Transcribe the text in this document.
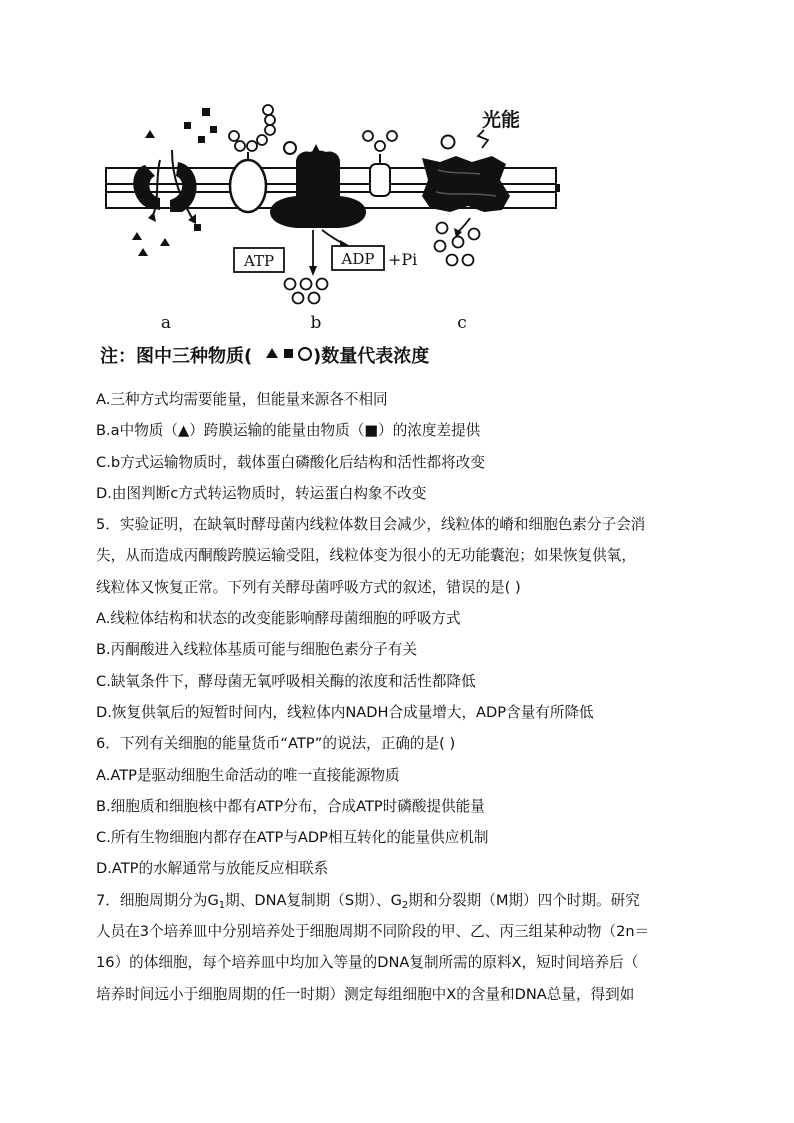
ATP	ADP +Pi
光能
a	b	c
注：图中三种物质(	)数量代表浓度
A.三种方式均需要能量，但能量来源各不相同
B.a中物质（▲）跨膜运输的能量由物质（■）的浓度差提供
C.b方式运输物质时，载体蛋白磷酸化后结构和活性都将改变
D.由图判断c方式转运物质时，转运蛋白构象不改变
5．实验证明，在缺氧时酵母菌内线粒体数目会减少，线粒体的嵴和细胞色素分子会消
失，从而造成丙酮酸跨膜运输受阻，线粒体变为很小的无功能囊泡；如果恢复供氧，
线粒体又恢复正常。下列有关酵母菌呼吸方式的叙述，错误的是( )
A.线粒体结构和状态的改变能影响酵母菌细胞的呼吸方式
B.丙酮酸进入线粒体基质可能与细胞色素分子有关
C.缺氧条件下，酵母菌无氧呼吸相关酶的浓度和活性都降低
D.恢复供氧后的短暂时间内，线粒体内NADH合成量增大，ADP含量有所降低
6．下列有关细胞的能量货币“ATP”的说法，正确的是( )
A.ATP是驱动细胞生命活动的唯一直接能源物质
B.细胞质和细胞核中都有ATP分布，合成ATP时磷酸提供能量
C.所有生物细胞内都存在ATP与ADP相互转化的能量供应机制
D.ATP的水解通常与放能反应相联系
7．细胞周期分为$G_1$期、DNA复制期（S期）、$G_2$期和分裂期（M期）四个时期。研究
人员在3个培养皿中分别培养处于细胞周期不同阶段的甲、乙、丙三组某种动物（2n＝
16）的体细胞，每个培养皿中均加入等量的DNA复制所需的原料X，短时间培养后（
培养时间远小于细胞周期的任一时期）测定每组细胞中X的含量和DNA总量，得到如
